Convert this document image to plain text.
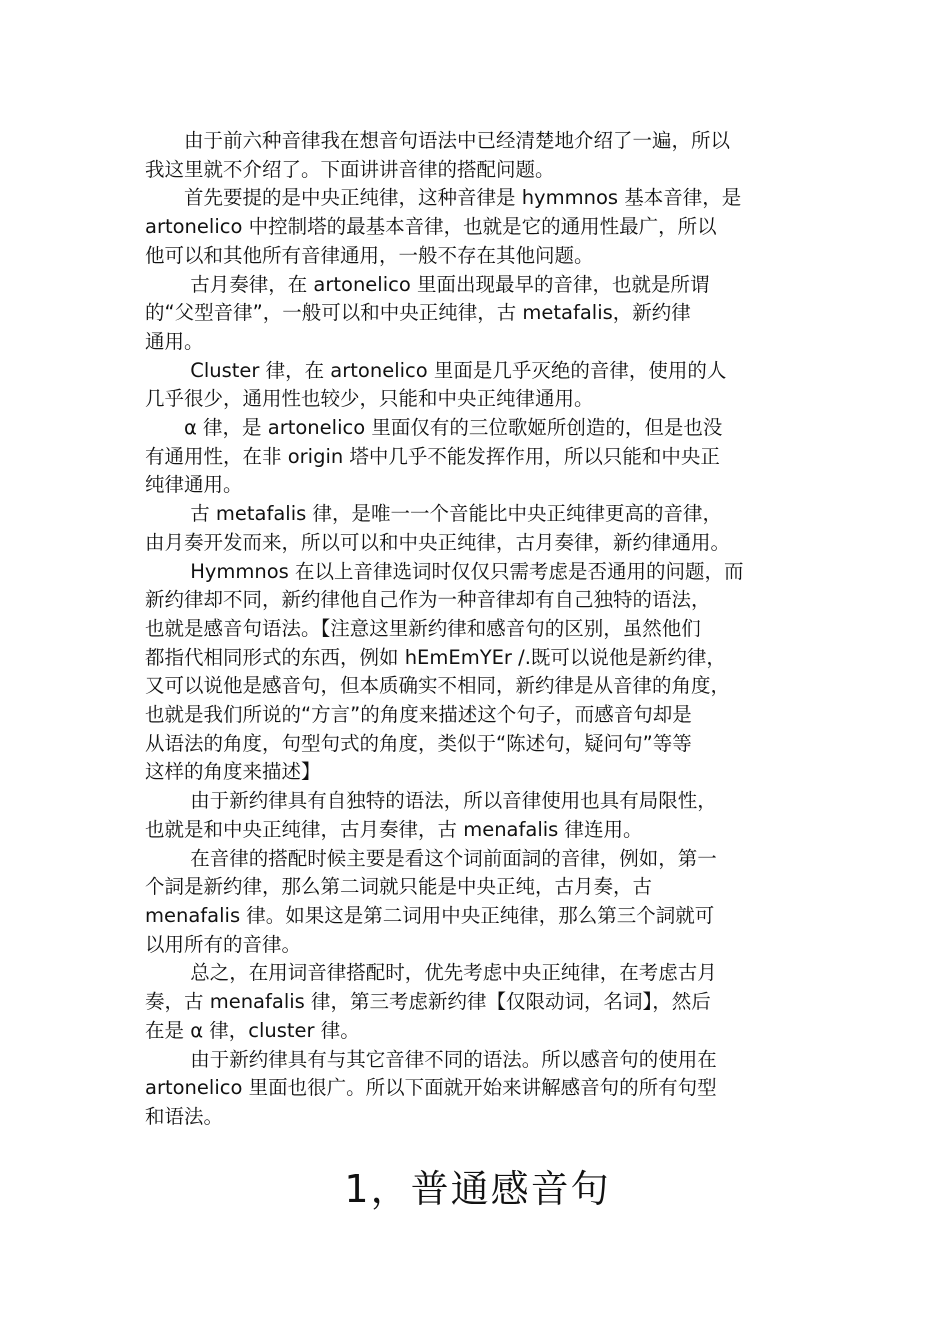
　　由于前六种音律我在想音句语法中已经清楚地介绍了一遍，所以
我这里就不介绍了。下面讲讲音律的搭配问题。

　　首先要提的是中央正纯律，这种音律是 hymmnos 基本音律，是
artonelico 中控制塔的最基本音律，也就是它的通用性最广，所以
他可以和其他所有音律通用，一般不存在其他问题。

　　 古月奏律，在 artonelico 里面出现最早的音律，也就是所谓
的“父型音律”，一般可以和中央正纯律，古 metafalis，新约律
通用。

　　 Cluster 律，在 artonelico 里面是几乎灭绝的音律，使用的人
几乎很少，通用性也较少，只能和中央正纯律通用。

　　α 律，是 artonelico 里面仅有的三位歌姬所创造的，但是也没
有通用性，在非 origin 塔中几乎不能发挥作用，所以只能和中央正
纯律通用。

　　 古 metafalis 律，是唯一一个音能比中央正纯律更高的音律，
由月奏开发而来，所以可以和中央正纯律，古月奏律，新约律通用。

　　 Hymmnos 在以上音律选词时仅仅只需考虑是否通用的问题，而
新约律却不同，新约律他自己作为一种音律却有自己独特的语法，
也就是感音句语法。【注意这里新约律和感音句的区别，虽然他们
都指代相同形式的东西，例如 hEmEmYEr /.既可以说他是新约律，
又可以说他是感音句，但本质确实不相同，新约律是从音律的角度，
也就是我们所说的“方言”的角度来描述这个句子，而感音句却是
从语法的角度，句型句式的角度，类似于“陈述句，疑问句”等等
这样的角度来描述】

　　 由于新约律具有自独特的语法，所以音律使用也具有局限性，
也就是和中央正纯律，古月奏律，古 menafalis 律连用。

　　 在音律的搭配时候主要是看这个词前面詞的音律，例如，第一
个詞是新约律，那么第二词就只能是中央正纯，古月奏，古
menafalis 律。如果这是第二词用中央正纯律，那么第三个詞就可
以用所有的音律。

　　 总之，在用词音律搭配时，优先考虑中央正纯律，在考虑古月
奏，古 menafalis 律，第三考虑新约律【仅限动词，名词】，然后
在是 α 律，cluster 律。

　　 由于新约律具有与其它音律不同的语法。所以感音句的使用在
artonelico 里面也很广。所以下面就开始来讲解感音句的所有句型
和语法。

1，普通感音句
